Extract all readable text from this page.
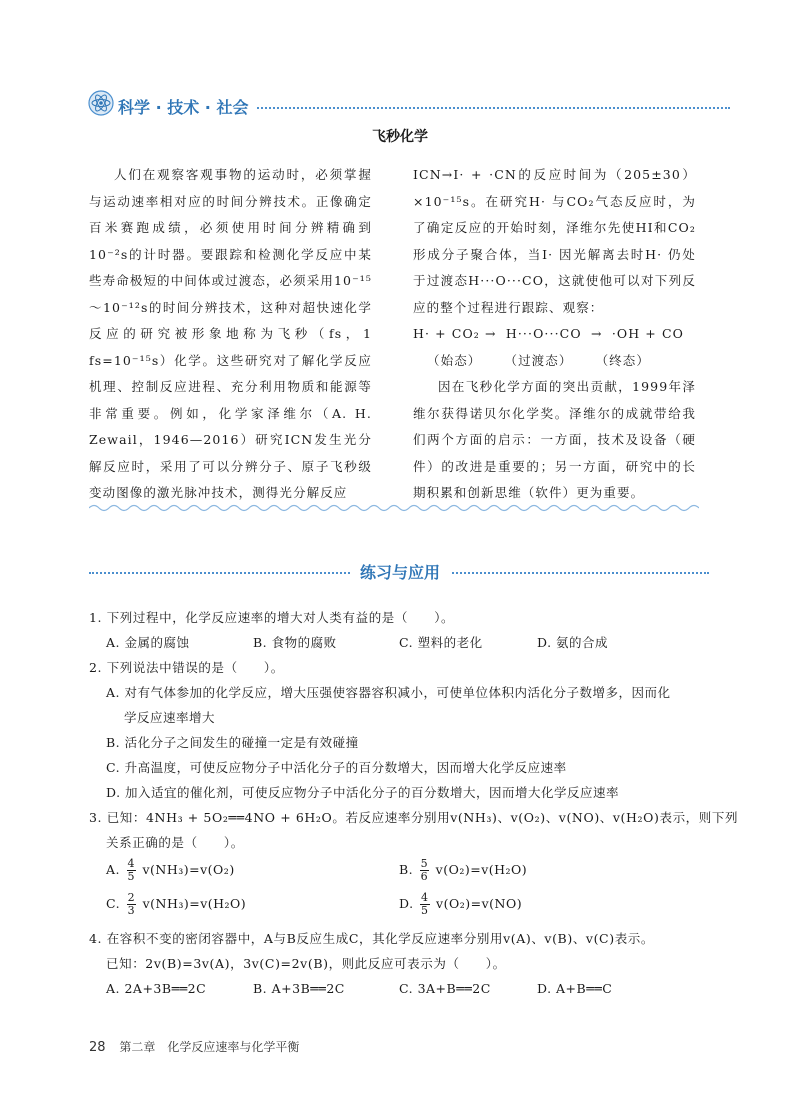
科学 · 技术 · 社会
飞秒化学

人们在观察客观事物的运动时，必须掌握与运动速率相对应的时间分辨技术。正像确定百米赛跑成绩，必须使用时间分辨精确到10⁻²s的计时器。要跟踪和检测化学反应中某些寿命极短的中间体或过渡态，必须采用10⁻¹⁵～10⁻¹²s的时间分辨技术，这种对超快速化学反应的研究被形象地称为飞秒（fs，1 fs=10⁻¹⁵s）化学。这些研究对了解化学反应机理、控制反应进程、充分利用物质和能源等非常重要。例如，化学家泽维尔（A. H. Zewail，1946—2016）研究ICN发生光分解反应时，采用了可以分辨分子、原子飞秒级变动图像的激光脉冲技术，测得光分解反应

ICN→I· + ·CN的反应时间为（205±30）×10⁻¹⁵s。在研究H· 与CO₂气态反应时，为了确定反应的开始时刻，泽维尔先使HI和CO₂形成分子聚合体，当I· 因光解离去时H· 仍处于过渡态H···O···CO，这就使他可以对下列反应的整个过程进行跟踪、观察：

H· + CO₂ → H···O···CO → ·OH + CO
（始态） （过渡态） （终态）

因在飞秒化学方面的突出贡献，1999年泽维尔获得诺贝尔化学奖。泽维尔的成就带给我们两个方面的启示：一方面，技术及设备（硬件）的改进是重要的；另一方面，研究中的长期积累和创新思维（软件）更为重要。

练习与应用
1. 下列过程中，化学反应速率的增大对人类有益的是（　　）。
A. 金属的腐蚀	B. 食物的腐败	C. 塑料的老化	D. 氨的合成
2. 下列说法中错误的是（　　）。
A. 对有气体参加的化学反应，增大压强使容器容积减小，可使单位体积内活化分子数增多，因而化
学反应速率增大
B. 活化分子之间发生的碰撞一定是有效碰撞
C. 升高温度，可使反应物分子中活化分子的百分数增大，因而增大化学反应速率
D. 加入适宜的催化剂，可使反应物分子中活化分子的百分数增大，因而增大化学反应速率
3. 已知：4NH₃ + 5O₂══4NO + 6H₂O。若反应速率分别用v(NH₃)、v(O₂)、v(NO)、v(H₂O)表示，则下列
关系正确的是（　　）。
A. $\frac{4}{5} v(NH_3)=v(O_2)$	B. $\frac{5}{6} v(O_2)=v(H_2O)$
C. $\frac{2}{3} v(NH_3)=v(H_2O)$	D. $\frac{4}{5} v(O_2)=v(NO)$
4. 在容积不变的密闭容器中，A与B反应生成C，其化学反应速率分别用v(A)、v(B)、v(C)表示。
已知：2v(B)=3v(A)，3v(C)=2v(B)，则此反应可表示为（　　）。
A. 2A+3B══2C	B. A+3B══2C	C. 3A+B══2C	D. A+B══C
28 第二章　化学反应速率与化学平衡
